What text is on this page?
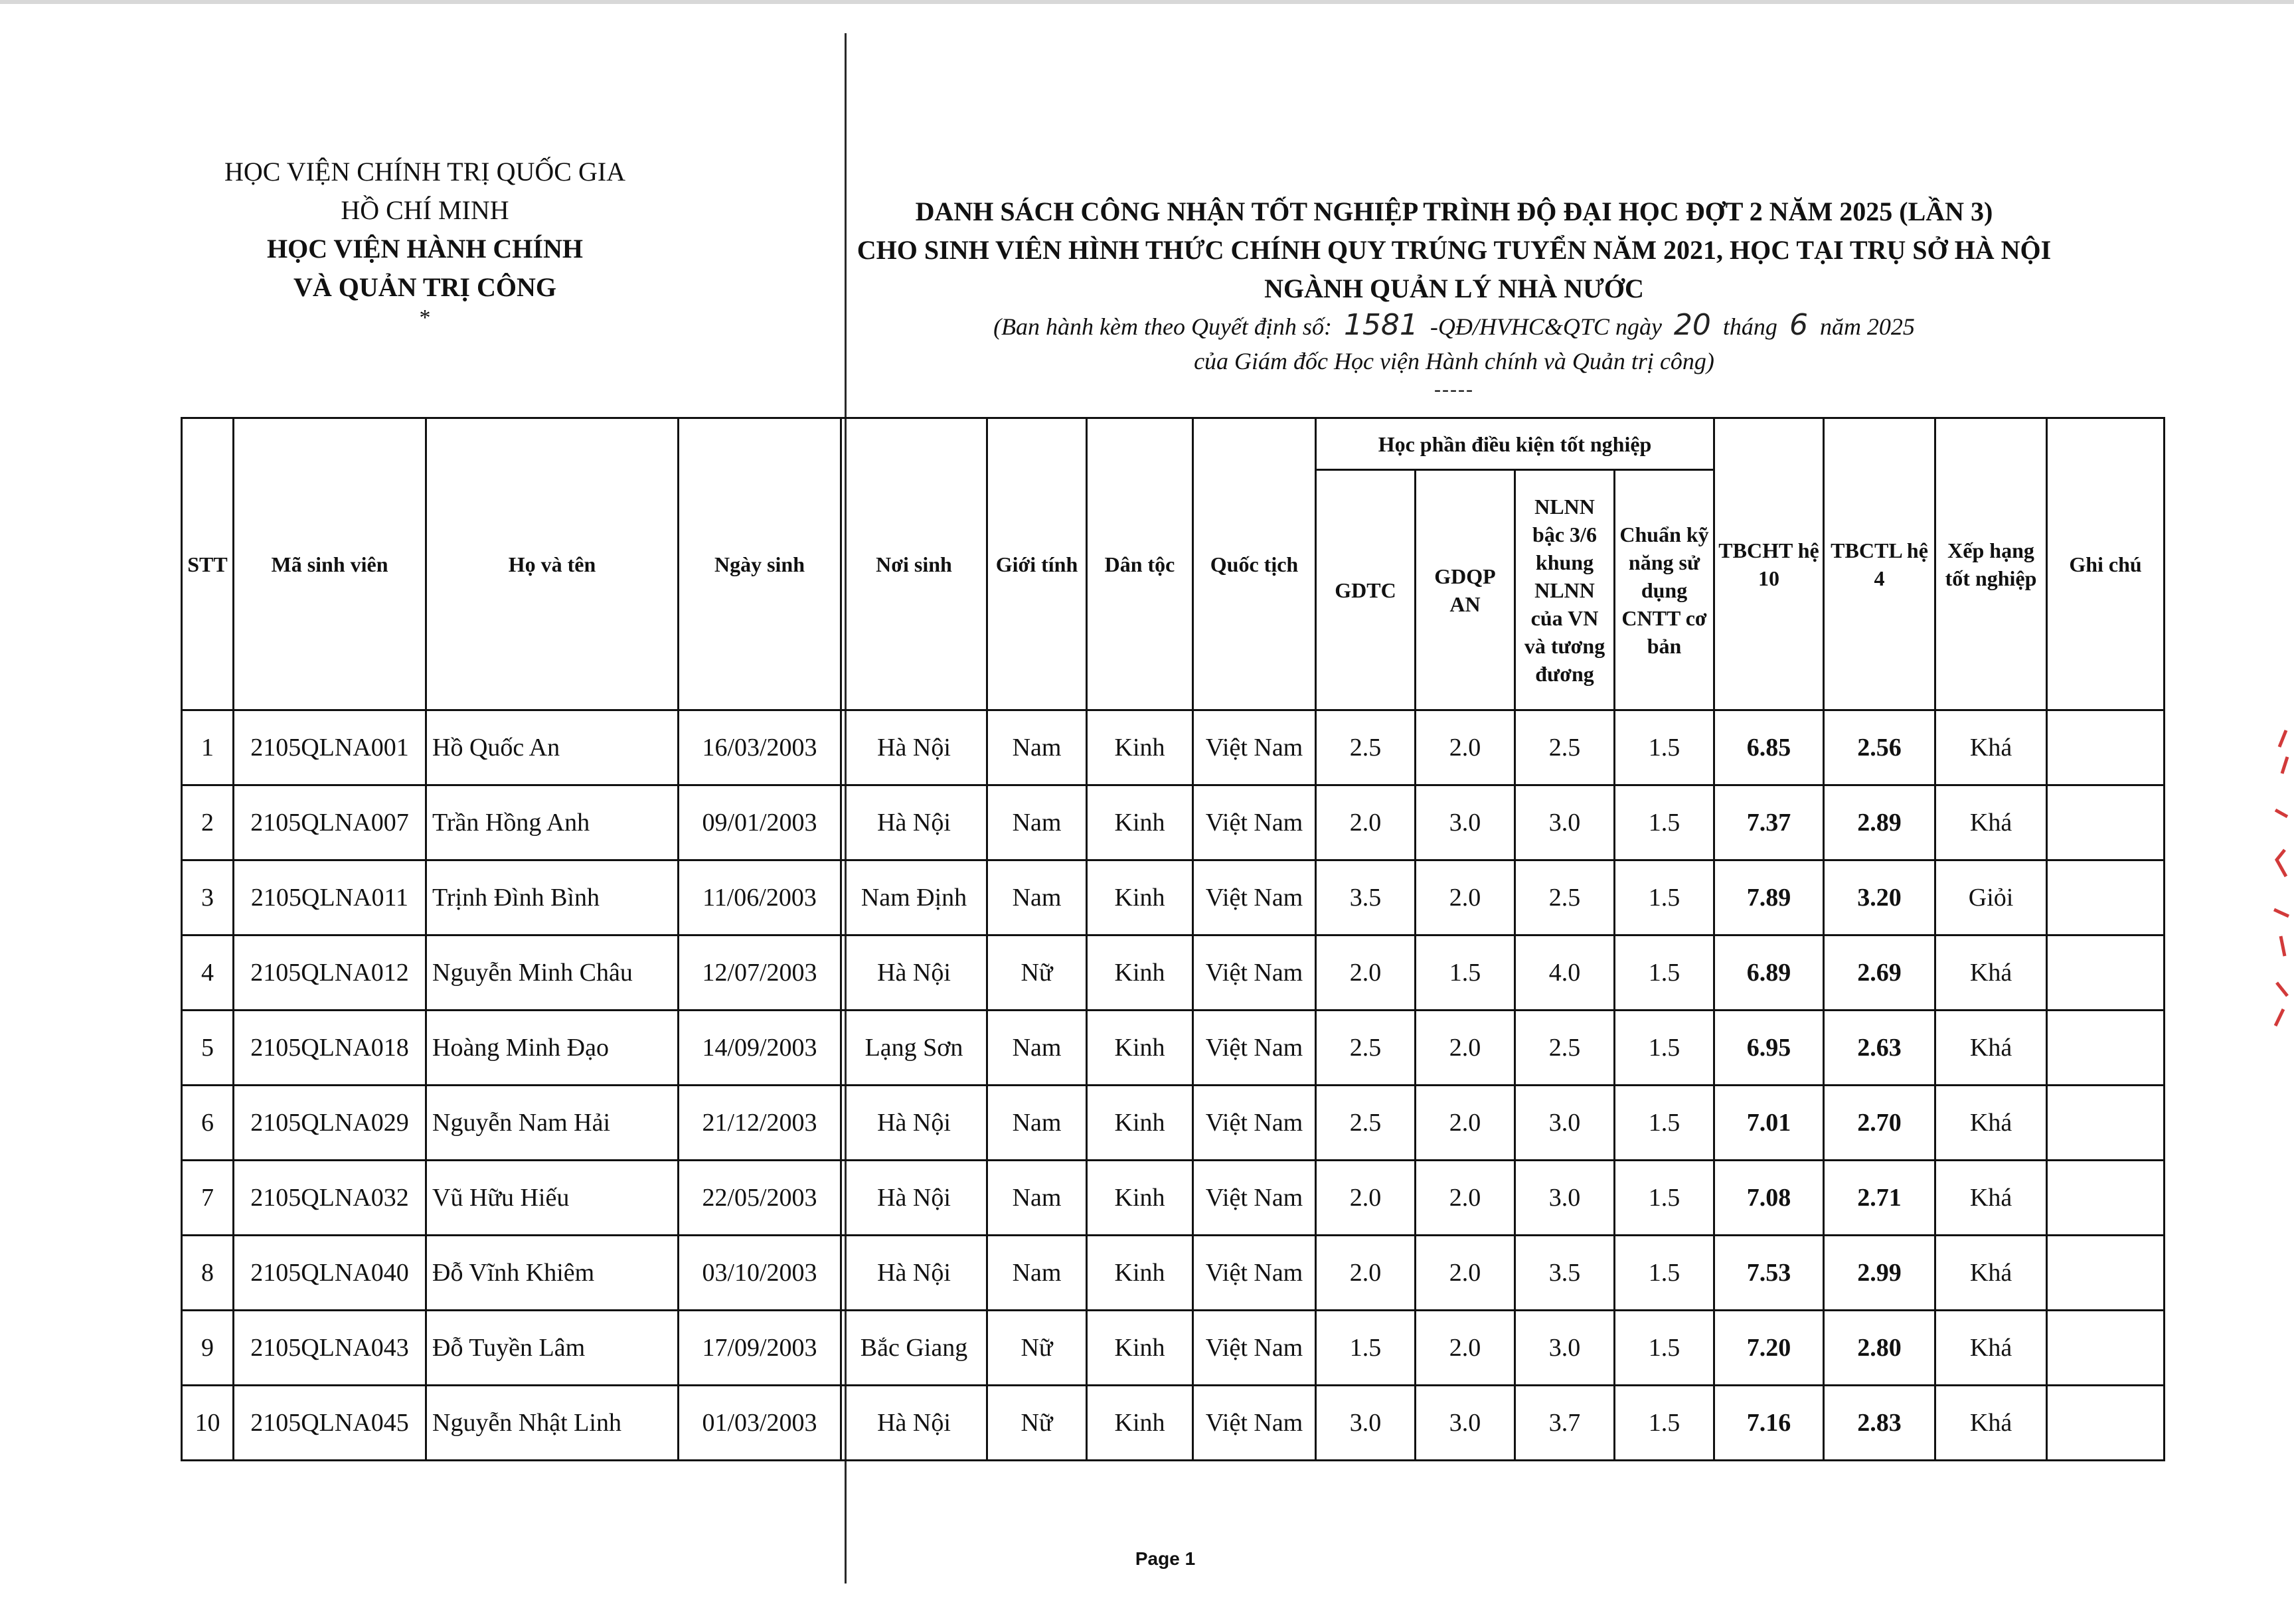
HỌC VIỆN CHÍNH TRỊ QUỐC GIA
HỒ CHÍ MINH
HỌC VIỆN HÀNH CHÍNH
VÀ QUẢN TRỊ CÔNG
*
DANH SÁCH CÔNG NHẬN TỐT NGHIỆP TRÌNH ĐỘ ĐẠI HỌC ĐỢT 2 NĂM 2025 (LẦN 3)
CHO SINH VIÊN HÌNH THỨC CHÍNH QUY TRÚNG TUYỂN NĂM 2021, HỌC TẠI TRỤ SỞ HÀ NỘI
NGÀNH QUẢN LÝ NHÀ NƯỚC
(Ban hành kèm theo Quyết định số: 1581 -QĐ/HVHC&QTC ngày 20 tháng 6 năm 2025
của Giám đốc Học viện Hành chính và Quản trị công)
-----
STT	Mã sinh viên	Họ và tên	Ngày sinh	Nơi sinh	Giới tính	Dân tộc	Quốc tịch	Học phần điều kiện tốt nghiệp				TBCHT hệ 10	TBCTL hệ 4	Xếp hạng tốt nghiệp	Ghi chú
								GDTC	GDQP AN	NLNN bậc 3/6 khung NLNN của VN và tương đương	Chuẩn kỹ năng sử dụng CNTT cơ bản				
1	2105QLNA001	Hồ Quốc An	16/03/2003	Hà Nội	Nam	Kinh	Việt Nam	2.5	2.0	2.5	1.5	6.85	2.56	Khá	
2	2105QLNA007	Trần Hồng Anh	09/01/2003	Hà Nội	Nam	Kinh	Việt Nam	2.0	3.0	3.0	1.5	7.37	2.89	Khá	
3	2105QLNA011	Trịnh Đình Bình	11/06/2003	Nam Định	Nam	Kinh	Việt Nam	3.5	2.0	2.5	1.5	7.89	3.20	Giỏi	
4	2105QLNA012	Nguyễn Minh Châu	12/07/2003	Hà Nội	Nữ	Kinh	Việt Nam	2.0	1.5	4.0	1.5	6.89	2.69	Khá	
5	2105QLNA018	Hoàng Minh Đạo	14/09/2003	Lạng Sơn	Nam	Kinh	Việt Nam	2.5	2.0	2.5	1.5	6.95	2.63	Khá	
6	2105QLNA029	Nguyễn Nam Hải	21/12/2003	Hà Nội	Nam	Kinh	Việt Nam	2.5	2.0	3.0	1.5	7.01	2.70	Khá	
7	2105QLNA032	Vũ Hữu Hiếu	22/05/2003	Hà Nội	Nam	Kinh	Việt Nam	2.0	2.0	3.0	1.5	7.08	2.71	Khá	
8	2105QLNA040	Đỗ Vĩnh Khiêm	03/10/2003	Hà Nội	Nam	Kinh	Việt Nam	2.0	2.0	3.5	1.5	7.53	2.99	Khá	
9	2105QLNA043	Đỗ Tuyền Lâm	17/09/2003	Bắc Giang	Nữ	Kinh	Việt Nam	1.5	2.0	3.0	1.5	7.20	2.80	Khá	
10	2105QLNA045	Nguyễn Nhật Linh	01/03/2003	Hà Nội	Nữ	Kinh	Việt Nam	3.0	3.0	3.7	1.5	7.16	2.83	Khá	
Page 1
